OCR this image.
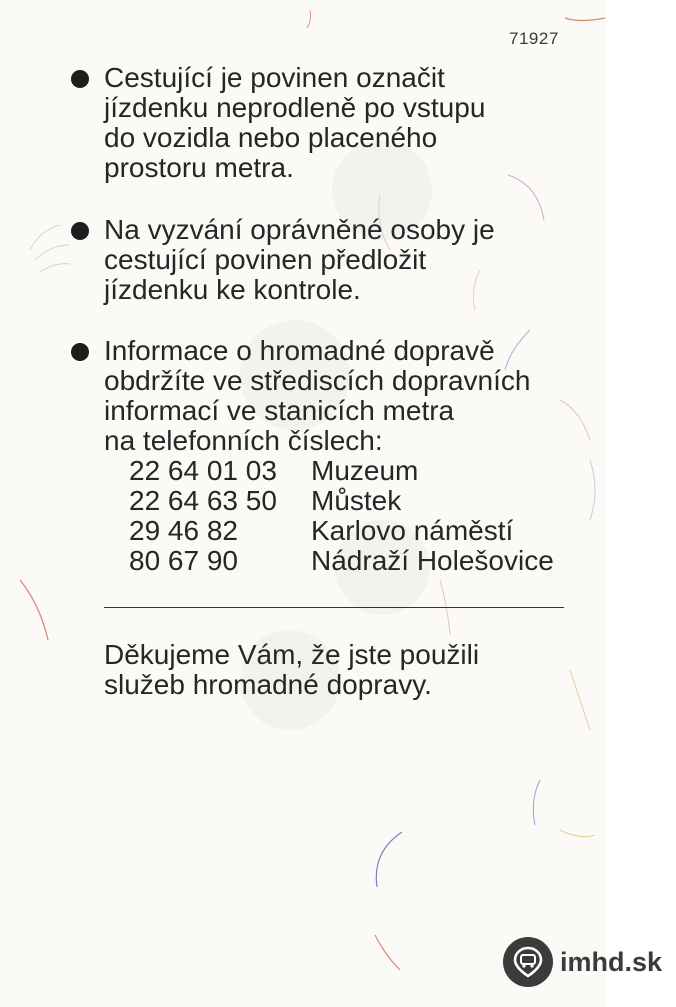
71927
Cestující je povinen označit
jízdenku neprodleně po vstupu
do vozidla nebo placeného
prostoru metra.
Na vyzvání oprávněné osoby je
cestující povinen předložit
jízdenku ke kontrole.
Informace o hromadné dopravě
obdržíte ve střediscích dopravních
informací ve stanicích metra
na telefonních číslech:
22 64 01 03 Muzeum
22 64 63 50 Můstek
29 46 82	Karlovo náměstí
80 67 90	Nádraží Holešovice
Děkujeme Vám, že jste použili
služeb hromadné dopravy.
imhd.sk
